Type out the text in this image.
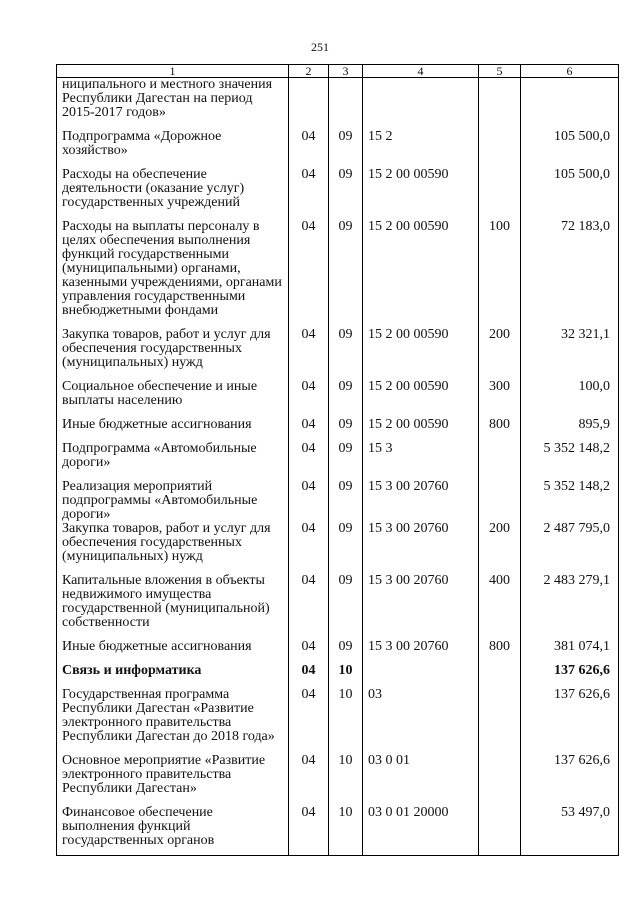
251
1	2	3	4	5	6
ниципального и местного значения Республики Дагестан на период 2015-2017 годов»					
Подпрограмма «Дорожное хозяйство»	04	09	15 2		105 500,0
Расходы на обеспечение деятельности (оказание услуг) государственных учреждений	04	09	15 2 00 00590		105 500,0
Расходы на выплаты персоналу в целях обеспечения выполнения функций государственными (муниципальными) органами, казенными учреждениями, органами управления государственными внебюджетными фондами	04	09	15 2 00 00590	100	72 183,0
Закупка товаров, работ и услуг для обеспечения государственных (муниципальных) нужд	04	09	15 2 00 00590	200	32 321,1
Социальное обеспечение и иные выплаты населению	04	09	15 2 00 00590	300	100,0
Иные бюджетные ассигнования	04	09	15 2 00 00590	800	895,9
Подпрограмма «Автомобильные дороги»	04	09	15 3		5 352 148,2
Реализация мероприятий подпрограммы «Автомобильные дороги»	04	09	15 3 00 20760		5 352 148,2
Закупка товаров, работ и услуг для обеспечения государственных (муниципальных) нужд	04	09	15 3 00 20760	200	2 487 795,0
Капитальные вложения в объекты недвижимого имущества государственной (муниципальной) собственности	04	09	15 3 00 20760	400	2 483 279,1
Иные бюджетные ассигнования	04	09	15 3 00 20760	800	381 074,1
Связь и информатика	04	10			137 626,6
Государственная программа Республики Дагестан «Развитие электронного правительства Республики Дагестан до 2018 года»	04	10	03		137 626,6
Основное мероприятие «Развитие электронного правительства Республики Дагестан»	04	10	03 0 01		137 626,6
Финансовое обеспечение выполнения функций государственных органов	04	10	03 0 01 20000		53 497,0
